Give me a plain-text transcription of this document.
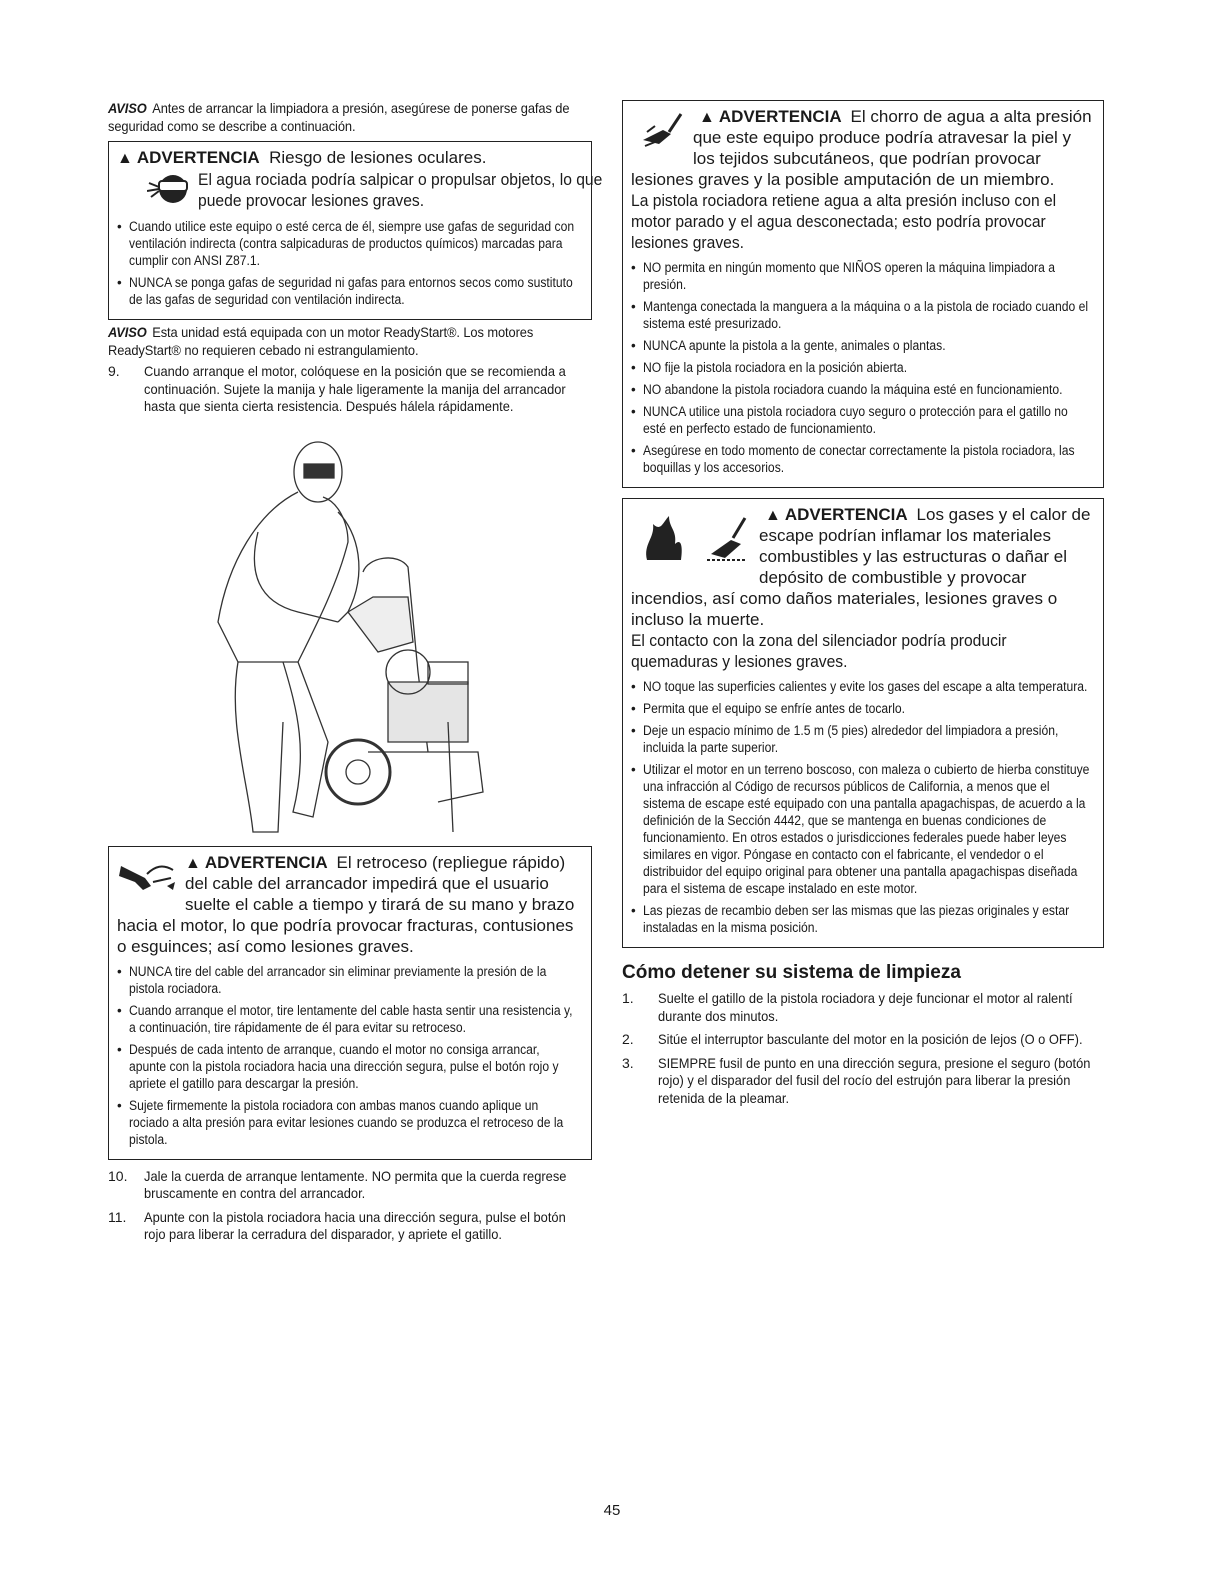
AVISO Antes de arrancar la limpiadora a presión, asegúrese de ponerse gafas de seguridad como se describe a continuación.
▲ ADVERTENCIA Riesgo de lesiones oculares.
El agua rociada podría salpicar o propulsar objetos, lo que puede provocar lesiones graves.
• Cuando utilice este equipo o esté cerca de él, siempre use gafas de seguridad con ventilación indirecta (contra salpicaduras de productos químicos) marcadas para cumplir con ANSI Z87.1.
• NUNCA se ponga gafas de seguridad ni gafas para entornos secos como sustituto de las gafas de seguridad con ventilación indirecta.
AVISO Esta unidad está equipada con un motor ReadyStart®. Los motores ReadyStart® no requieren cebado ni estrangulamiento.
9. Cuando arranque el motor, colóquese en la posición que se recomienda a continuación. Sujete la manija y hale ligeramente la manija del arrancador hasta que sienta cierta resistencia. Después hálela rápidamente.
▲ ADVERTENCIA El retroceso (repliegue rápido) del cable del arrancador impedirá que el usuario suelte el cable a tiempo y tirará de su mano y brazo hacia el motor, lo que podría provocar fracturas, contusiones o esguinces; así como lesiones graves.
• NUNCA tire del cable del arrancador sin eliminar previamente la presión de la pistola rociadora.
• Cuando arranque el motor, tire lentamente del cable hasta sentir una resistencia y, a continuación, tire rápidamente de él para evitar su retroceso.
• Después de cada intento de arranque, cuando el motor no consiga arrancar, apunte con la pistola rociadora hacia una dirección segura, pulse el botón rojo y apriete el gatillo para descargar la presión.
• Sujete firmemente la pistola rociadora con ambas manos cuando aplique un rociado a alta presión para evitar lesiones cuando se produzca el retroceso de la pistola.
10. Jale la cuerda de arranque lentamente. NO permita que la cuerda regrese bruscamente en contra del arrancador.
11. Apunte con la pistola rociadora hacia una dirección segura, pulse el botón rojo para liberar la cerradura del disparador, y apriete el gatillo.
▲ ADVERTENCIA El chorro de agua a alta presión que este equipo produce podría atravesar la piel y los tejidos subcutáneos, que podrían provocar lesiones graves y la posible amputación de un miembro.
La pistola rociadora retiene agua a alta presión incluso con el motor parado y el agua desconectada; esto podría provocar lesiones graves.
• NO permita en ningún momento que NIÑOS operen la máquina limpiadora a presión.
• Mantenga conectada la manguera a la máquina o a la pistola de rociado cuando el sistema esté presurizado.
• NUNCA apunte la pistola a la gente, animales o plantas.
• NO fije la pistola rociadora en la posición abierta.
• NO abandone la pistola rociadora cuando la máquina esté en funcionamiento.
• NUNCA utilice una pistola rociadora cuyo seguro o protección para el gatillo no esté en perfecto estado de funcionamiento.
• Asegúrese en todo momento de conectar correctamente la pistola rociadora, las boquillas y los accesorios.
▲ ADVERTENCIA Los gases y el calor de escape podrían inflamar los materiales combustibles y las estructuras o dañar el depósito de combustible y provocar incendios, así como daños materiales, lesiones graves o incluso la muerte.
El contacto con la zona del silenciador podría producir quemaduras y lesiones graves.
• NO toque las superficies calientes y evite los gases del escape a alta temperatura.
• Permita que el equipo se enfríe antes de tocarlo.
• Deje un espacio mínimo de 1.5 m (5 pies) alrededor del limpiadora a presión, incluida la parte superior.
• Utilizar el motor en un terreno boscoso, con maleza o cubierto de hierba constituye una infracción al Código de recursos públicos de California, a menos que el sistema de escape esté equipado con una pantalla apagachispas, de acuerdo a la definición de la Sección 4442, que se mantenga en buenas condiciones de funcionamiento. En otros estados o jurisdicciones federales puede haber leyes similares en vigor. Póngase en contacto con el fabricante, el vendedor o el distribuidor del equipo original para obtener una pantalla apagachispas diseñada para el sistema de escape instalado en este motor.
• Las piezas de recambio deben ser las mismas que las piezas originales y estar instaladas en la misma posición.
Cómo detener su sistema de limpieza
1. Suelte el gatillo de la pistola rociadora y deje funcionar el motor al ralentí durante dos minutos.
2. Sitúe el interruptor basculante del motor en la posición de lejos (O o OFF).
3. SIEMPRE fusil de punto en una dirección segura, presione el seguro (botón rojo) y el disparador del fusil del rocío del estrujón para liberar la presión retenida de la pleamar.
45
